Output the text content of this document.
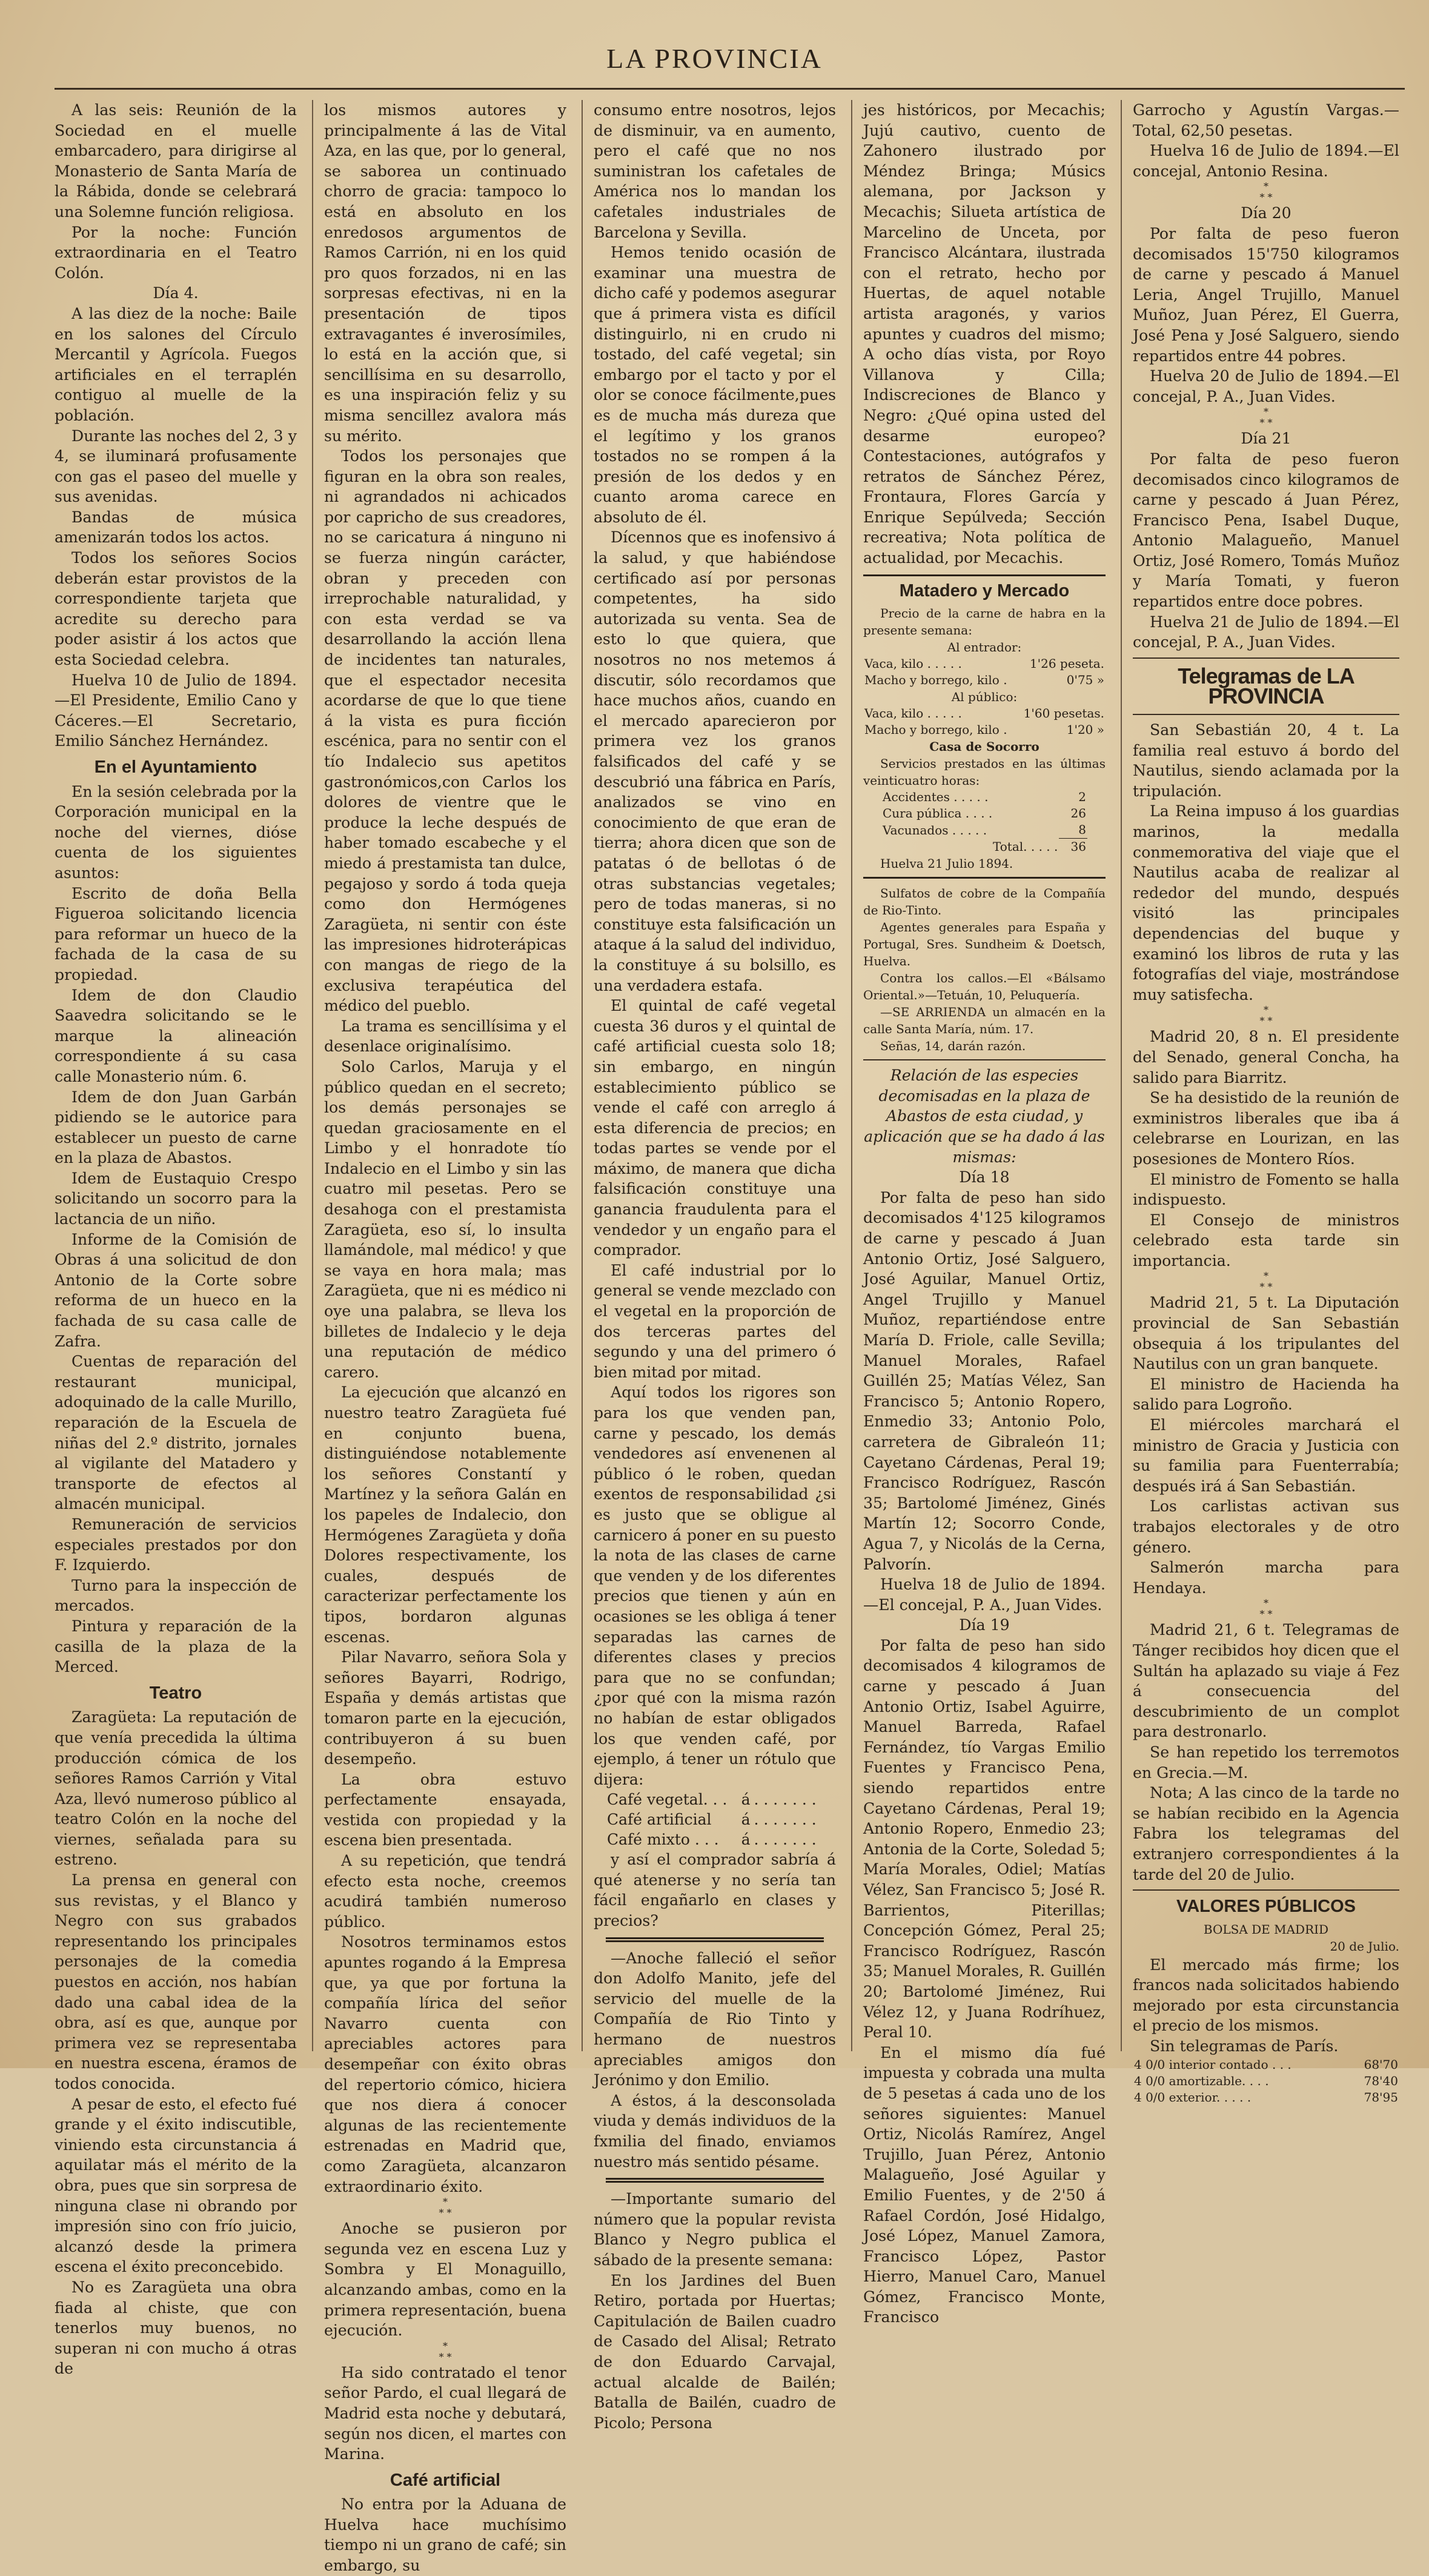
LA PROVINCIA

A las seis: Reunión de la Sociedad en el muelle embarcadero, para dirigirse al Monasterio de Santa María de la Rábida, donde se celebrará una Solemne función religiosa.

Por la noche: Función extraordinaria en el Teatro Colón.

Día 4.

A las diez de la noche: Baile en los salones del Círculo Mercantil y Agrícola. Fuegos artificiales en el terraplén contiguo al muelle de la población.

Durante las noches del 2, 3 y 4, se iluminará profusamente con gas el paseo del muelle y sus avenidas.

Bandas de música amenizarán todos los actos.

Todos los señores Socios deberán estar provistos de la correspondiente tarjeta que acredite su derecho para poder asistir á los actos que esta Sociedad celebra.

Huelva 10 de Julio de 1894.—El Presidente, Emilio Cano y Cáceres.—El Secretario, Emilio Sánchez Hernández.

En el Ayuntamiento

En la sesión celebrada por la Corporación municipal en la noche del viernes, dióse cuenta de los siguientes asuntos:

Escrito de doña Bella Figueroa solicitando licencia para reformar un hueco de la fachada de la casa de su propiedad.

Idem de don Claudio Saavedra solicitando se le marque la alineación correspondiente á su casa calle Monasterio núm. 6.

Idem de don Juan Garbán pidiendo se le autorice para establecer un puesto de carne en la plaza de Abastos.

Idem de Eustaquio Crespo solicitando un socorro para la lactancia de un niño.

Informe de la Comisión de Obras á una solicitud de don Antonio de la Corte sobre reforma de un hueco en la fachada de su casa calle de Zafra.

Cuentas de reparación del restaurant municipal, adoquinado de la calle Murillo, reparación de la Escuela de niñas del 2.º distrito, jornales al vigilante del Matadero y transporte de efectos al almacén municipal.

Remuneración de servicios especiales prestados por don F. Izquierdo.

Turno para la inspección de mercados.

Pintura y reparación de la casilla de la plaza de la Merced.

Teatro

Zaragüeta: La reputación de que venía precedida la última producción cómica de los señores Ramos Carrión y Vital Aza, llevó numeroso público al teatro Colón en la noche del viernes, señalada para su estreno.

La prensa en general con sus revistas, y el Blanco y Negro con sus grabados representando los principales personajes de la comedia puestos en acción, nos habían dado una cabal idea de la obra, así es que, aunque por primera vez se representaba en nuestra escena, éramos de todos conocida.

A pesar de esto, el efecto fué grande y el éxito indiscutible, viniendo esta circunstancia á aquilatar más el mérito de la obra, pues que sin sorpresa de ninguna clase ni obrando por impresión sino con frío juicio, alcanzó desde la primera escena el éxito preconcebido.

No es Zaragüeta una obra fiada al chiste, que con tenerlos muy buenos, no superan ni con mucho á otras de

los mismos autores y principalmente á las de Vital Aza, en las que, por lo general, se saborea un continuado chorro de gracia: tampoco lo está en absoluto en los enredosos argumentos de Ramos Carrión, ni en los quid pro quos forzados, ni en las sorpresas efectivas, ni en la presentación de tipos extravagantes é inverosímiles, lo está en la acción que, si sencillísima en su desarrollo, es una inspiración feliz y su misma sencillez avalora más su mérito.

Todos los personajes que figuran en la obra son reales, ni agrandados ni achicados por capricho de sus creadores, no se caricatura á ninguno ni se fuerza ningún carácter, obran y preceden con irreprochable naturalidad, y con esta verdad se va desarrollando la acción llena de incidentes tan naturales, que el espectador necesita acordarse de que lo que tiene á la vista es pura ficción escénica, para no sentir con el tío Indalecio sus apetitos gastronómicos,con Carlos los dolores de vientre que le produce la leche después de haber tomado escabeche y el miedo á prestamista tan dulce, pegajoso y sordo á toda queja como don Hermógenes Zaragüeta, ni sentir con éste las impresiones hidroterápicas con mangas de riego de la exclusiva terapéutica del médico del pueblo.

La trama es sencillísima y el desenlace originalísimo.

Solo Carlos, Maruja y el público quedan en el secreto; los demás personajes se quedan graciosamente en el Limbo y el honradote tío Indalecio en el Limbo y sin las cuatro mil pesetas. Pero se desahoga con el prestamista Zaragüeta, eso sí, lo insulta llamándole, mal médico! y que se vaya en hora mala; mas Zaragüeta, que ni es médico ni oye una palabra, se lleva los billetes de Indalecio y le deja una reputación de médico carero.

La ejecución que alcanzó en nuestro teatro Zaragüeta fué en conjunto buena, distinguiéndose notablemente los señores Constantí y Martínez y la señora Galán en los papeles de Indalecio, don Hermógenes Zaragüeta y doña Dolores respectivamente, los cuales, después de caracterizar perfectamente los tipos, bordaron algunas escenas.

Pilar Navarro, señora Sola y señores Bayarri, Rodrigo, España y demás artistas que tomaron parte en la ejecución, contribuyeron á su buen desempeño.

La obra estuvo perfectamente ensayada, vestida con propiedad y la escena bien presentada.

A su repetición, que tendrá efecto esta noche, creemos acudirá también numeroso público.

Nosotros terminamos estos apuntes rogando á la Empresa que, ya que por fortuna la compañía lírica del señor Navarro cuenta con apreciables actores para desempeñar con éxito obras del repertorio cómico, hiciera que nos diera á conocer algunas de las recientemente estrenadas en Madrid que, como Zaragüeta, alcanzaron extraordinario éxito.

*
* *

Anoche se pusieron por segunda vez en escena Luz y Sombra y El Monaguillo, alcanzando ambas, como en la primera representación, buena ejecución.

*
* *

Ha sido contratado el tenor señor Pardo, el cual llegará de Madrid esta noche y debutará, según nos dicen, el martes con Marina.

Café artificial

No entra por la Aduana de Huelva hace muchísimo tiempo ni un grano de café; sin embargo, su

consumo entre nosotros, lejos de disminuir, va en aumento, pero el café que no nos suministran los cafetales de América nos lo mandan los cafetales industriales de Barcelona y Sevilla.

Hemos tenido ocasión de examinar una muestra de dicho café y podemos asegurar que á primera vista es difícil distinguirlo, ni en crudo ni tostado, del café vegetal; sin embargo por el tacto y por el olor se conoce fácilmente,pues es de mucha más dureza que el legítimo y los granos tostados no se rompen á la presión de los dedos y en cuanto aroma carece en absoluto de él.

Dícennos que es inofensivo á la salud, y que habiéndose certificado así por personas competentes, ha sido autorizada su venta. Sea de esto lo que quiera, que nosotros no nos metemos á discutir, sólo recordamos que hace muchos años, cuando en el mercado aparecieron por primera vez los granos falsificados del café y se descubrió una fábrica en París, analizados se vino en conocimiento de que eran de tierra; ahora dicen que son de patatas ó de bellotas ó de otras substancias vegetales; pero de todas maneras, si no constituye esta falsificación un ataque á la salud del individuo, la constituye á su bolsillo, es una verdadera estafa.

El quintal de café vegetal cuesta 36 duros y el quintal de café artificial cuesta solo 18; sin embargo, en ningún establecimiento público se vende el café con arreglo á esta diferencia de precios; en todas partes se vende por el máximo, de manera que dicha falsificación constituye una ganancia fraudulenta para el vendedor y un engaño para el comprador.

El café industrial por lo general se vende mezclado con el vegetal en la proporción de dos terceras partes del segundo y una del primero ó bien mitad por mitad.

Aquí todos los rigores son para los que venden pan, carne y pescado, los demás vendedores así envenenen al público ó le roben, quedan exentos de responsabilidad ¿si es justo que se obligue al carnicero á poner en su puesto la nota de las clases de carne que venden y de los diferentes precios que tienen y aún en ocasiones se les obliga á tener separadas las carnes de diferentes clases y precios para que no se confundan; ¿por qué con la misma razón no habían de estar obligados los que venden café, por ejemplo, á tener un rótulo que dijera:

Café vegetal. . .	á	. . . . . . .
Café artificial	á	. . . . . . .
Café mixto . . .	á	. . . . . . .

y así el comprador sabría á qué atenerse y no sería tan fácil engañarlo en clases y precios?

—Anoche falleció el señor don Adolfo Manito, jefe del servicio del muelle de la Compañía de Rio Tinto y hermano de nuestros apreciables amigos don Jerónimo y don Emilio.

A éstos, á la desconsolada viuda y demás individuos de la fxmilia del finado, enviamos nuestro más sentido pésame.

—Importante sumario del número que la popular revista Blanco y Negro publica el sábado de la presente semana:

En los Jardines del Buen Retiro, portada por Huertas; Capitulación de Bailen cuadro de Casado del Alisal; Retrato de don Eduardo Carvajal, actual alcalde de Bailén; Batalla de Bailén, cuadro de Picolo; Persona

jes históricos, por Mecachis; Jujú cautivo, cuento de Zahonero ilustrado por Méndez Bringa; Músics alemana, por Jackson y Mecachis; Silueta artística de Marcelino de Unceta, por Francisco Alcántara, ilustrada con el retrato, hecho por Huertas, de aquel notable artista aragonés, y varios apuntes y cuadros del mismo; A ocho días vista, por Royo Villanova y Cilla; Indiscreciones de Blanco y Negro: ¿Qué opina usted del desarme europeo? Contestaciones, autógrafos y retratos de Sánchez Pérez, Frontaura, Flores García y Enrique Sepúlveda; Sección recreativa; Nota política de actualidad, por Mecachis.

Matadero y Mercado

Precio de la carne de habra en la presente semana:

Al entrador:

Vaca, kilo . . . . .	1'26 peseta.
Macho y borrego, kilo .	0'75 »

Al público:

Vaca, kilo . . . . .	1'60 pesetas.
Macho y borrego, kilo .	1'20 »

Casa de Socorro

Servicios prestados en las últimas veinticuatro horas:

Accidentes . . . . .	2
Cura pública . . . .	26
Vacunados . . . . .	8
Total. . . . .	36

Huelva 21 Julio 1894.

Sulfatos de cobre de la Compañía de Rio-Tinto.

Agentes generales para España y Portugal, Sres. Sundheim & Doetsch, Huelva.

Contra los callos.—El «Bálsamo Oriental.»—Tetuán, 10, Peluquería.

—SE ARRIENDA un almacén en la calle Santa María, núm. 17.

Señas, 14, darán razón.

Relación de las especies decomisadas en la plaza de Abastos de esta ciudad, y aplicación que se ha dado á las mismas:

Día 18

Por falta de peso han sido decomisados 4'125 kilogramos de carne y pescado á Juan Antonio Ortiz, José Salguero, José Aguilar, Manuel Ortiz, Angel Trujillo y Manuel Muñoz, repartiéndose entre María D. Friole, calle Sevilla; Manuel Morales, Rafael Guillén 25; Matías Vélez, San Francisco 5; Antonio Ropero, Enmedio 33; Antonio Polo, carretera de Gibraleón 11; Cayetano Cárdenas, Peral 19; Francisco Rodríguez, Rascón 35; Bartolomé Jiménez, Ginés Martín 12; Socorro Conde, Agua 7, y Nicolás de la Cerna, Palvorín.

Huelva 18 de Julio de 1894.—El concejal, P. A., Juan Vides.

Día 19

Por falta de peso han sido decomisados 4 kilogramos de carne y pescado á Juan Antonio Ortiz, Isabel Aguirre, Manuel Barreda, Rafael Fernández, tío Vargas Emilio Fuentes y Francisco Pena, siendo repartidos entre Cayetano Cárdenas, Peral 19; Antonio Ropero, Enmedio 23; Antonia de la Corte, Soledad 5; María Morales, Odiel; Matías Vélez, San Francisco 5; José R. Barrientos, Piterillas; Concepción Gómez, Peral 25; Francisco Rodríguez, Rascón 35; Manuel Morales, R. Guillén 20; Bartolomé Jiménez, Rui Vélez 12, y Juana Rodríhuez, Peral 10.

En el mismo día fué impuesta y cobrada una multa de 5 pesetas á cada uno de los señores siguientes: Manuel Ortiz, Nicolás Ramírez, Angel Trujillo, Juan Pérez, Antonio Malagueño, José Aguilar y Emilio Fuentes, y de 2'50 á Rafael Cordón, José Hidalgo, José López, Manuel Zamora, Francisco López, Pastor Hierro, Manuel Caro, Manuel Gómez, Francisco Monte, Francisco

Garrocho y Agustín Vargas.—Total, 62,50 pesetas.

Huelva 16 de Julio de 1894.—El concejal, Antonio Resina.

*
* *

Día 20

Por falta de peso fueron decomisados 15'750 kilogramos de carne y pescado á Manuel Leria, Angel Trujillo, Manuel Muñoz, Juan Pérez, El Guerra, José Pena y José Salguero, siendo repartidos entre 44 pobres.

Huelva 20 de Julio de 1894.—El concejal, P. A., Juan Vides.

*
* *

Día 21

Por falta de peso fueron decomisados cinco kilogramos de carne y pescado á Juan Pérez, Francisco Pena, Isabel Duque, Antonio Malagueño, Manuel Ortiz, José Romero, Tomás Muñoz y María Tomati, y fueron repartidos entre doce pobres.

Huelva 21 de Julio de 1894.—El concejal, P. A., Juan Vides.

Telegramas de LA PROVINCIA

San Sebastián 20, 4 t. La familia real estuvo á bordo del Nautilus, siendo aclamada por la tripulación.

La Reina impuso á los guardias marinos, la medalla conmemorativa del viaje que el Nautilus acaba de realizar al rededor del mundo, después visitó las principales dependencias del buque y examinó los libros de ruta y las fotografías del viaje, mostrándose muy satisfecha.

*
* *

Madrid 20, 8 n. El presidente del Senado, general Concha, ha salido para Biarritz.

Se ha desistido de la reunión de exministros liberales que iba á celebrarse en Lourizan, en las posesiones de Montero Ríos.

El ministro de Fomento se halla indispuesto.

El Consejo de ministros celebrado esta tarde sin importancia.

*
* *

Madrid 21, 5 t. La Diputación provincial de San Sebastián obsequia á los tripulantes del Nautilus con un gran banquete.

El ministro de Hacienda ha salido para Logroño.

El miércoles marchará el ministro de Gracia y Justicia con su familia para Fuenterrabía; después irá á San Sebastián.

Los carlistas activan sus trabajos electorales y de otro género.

Salmerón marcha para Hendaya.

*
* *

Madrid 21, 6 t. Telegramas de Tánger recibidos hoy dicen que el Sultán ha aplazado su viaje á Fez á consecuencia del descubrimiento de un complot para destronarlo.

Se han repetido los terremotos en Grecia.—M.

Nota; A las cinco de la tarde no se habían recibido en la Agencia Fabra los telegramas del extranjero correspondientes á la tarde del 20 de Julio.

VALORES PÚBLICOS

BOLSA DE MADRID

20 de Julio.

El mercado más firme; los francos nada solicitados habiendo mejorado por esta circunstancia el precio de los mismos.

Sin telegramas de París.

4 0/0 interior contado . . .	68'70
4 0/0 amortizable. . . .	78'40
4 0/0 exterior. . . . .	78'95
